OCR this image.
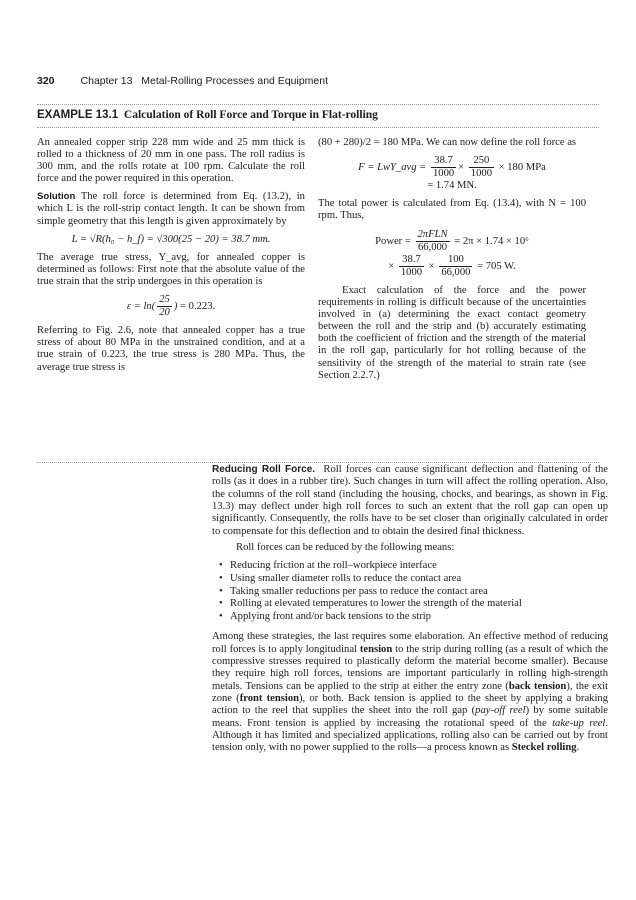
320 Chapter 13 Metal-Rolling Processes and Equipment
EXAMPLE 13.1 Calculation of Roll Force and Torque in Flat-rolling

An annealed copper strip 228 mm wide and 25 mm thick is rolled to a thickness of 20 mm in one pass. The roll radius is 300 mm, and the rolls rotate at 100 rpm. Calculate the roll force and the power required in this operation.

Solution The roll force is determined from Eq. (13.2), in which L is the roll-strip contact length. It can be shown from simple geometry that this length is given approximately by

L = √R(h₀ − h_f) = √300(25 − 20) = 38.7 mm.

The average true stress, Y_avg, for annealed copper is determined as follows: First note that the absolute value of the true strain that the strip undergoes in this operation is

$\varepsilon = \ln( \frac{25}{20}$ ) = 0.223.

Referring to Fig. 2.6, note that annealed copper has a true stress of about 80 MPa in the unstrained condition, and at a true strain of 0.223, the true stress is 280 MPa. Thus, the average true stress is

(80 + 280)/2 = 180 MPa. We can now define the roll force as

F = LwY_avg = $\frac{38.7}{1000} \times \frac{250}{1000} \times 180$ MPa
= 1.74 MN.

The total power is calculated from Eq. (13.4), with N = 100 rpm. Thus,

Power = $\frac{\text{2πFLN}}{66,000} = 2\pi \times 1.74 \times 10^6$
× $\frac{38.7}{1000} \times \frac{100}{66,000} = 705$ W.

Exact calculation of the force and the power requirements in rolling is difficult because of the uncertainties involved in (a) determining the exact contact geometry between the roll and the strip and (b) accurately estimating both the coefficient of friction and the strength of the material in the roll gap, particularly for hot rolling because of the sensitivity of the strength of the material to strain rate (see Section 2.2.7.)

Reducing Roll Force. Roll forces can cause significant deflection and flattening of the rolls (as it does in a rubber tire). Such changes in turn will affect the rolling operation. Also, the columns of the roll stand (including the housing, chocks, and bearings, as shown in Fig. 13.3) may deflect under high roll forces to such an extent that the roll gap can open up significantly. Consequently, the rolls have to be set closer than originally calculated in order to compensate for this deflection and to obtain the desired final thickness.

Roll forces can be reduced by the following means:

• Reducing friction at the roll–workpiece interface
• Using smaller diameter rolls to reduce the contact area
• Taking smaller reductions per pass to reduce the contact area
• Rolling at elevated temperatures to lower the strength of the material
• Applying front and/or back tensions to the strip

Among these strategies, the last requires some elaboration. An effective method of reducing roll forces is to apply longitudinal tension to the strip during rolling (as a result of which the compressive stresses required to plastically deform the material become smaller). Because they require high roll forces, tensions are important particularly in rolling high-strength metals. Tensions can be applied to the strip at either the entry zone (back tension), the exit zone (front tension), or both. Back tension is applied to the sheet by applying a braking action to the reel that supplies the sheet into the roll gap (pay-off reel) by some suitable means. Front tension is applied by increasing the rotational speed of the take-up reel. Although it has limited and specialized applications, rolling also can be carried out by front tension only, with no power supplied to the rolls—a process known as Steckel rolling.
